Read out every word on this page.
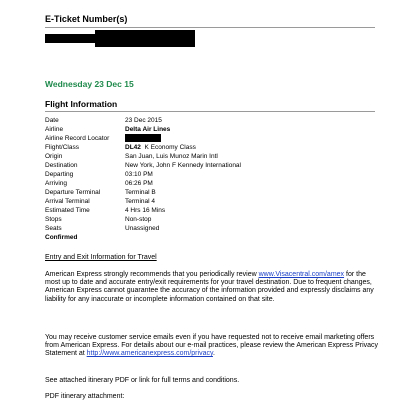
E-Ticket Number(s)
Wednesday 23 Dec 15
Flight Information
Date	23 Dec 2015
Airline	Delta Air Lines
Airline Record Locator
Flight/Class	DL42 K Economy Class
Origin	San Juan, Luis Munoz Marin Intl
Destination	New York, John F Kennedy International
Departing	03:10 PM
Arriving	06:26 PM
Departure Terminal	Terminal B
Arrival Terminal	Terminal 4
Estimated Time	4 Hrs 16 Mins
Stops	Non-stop
Seats	Unassigned
Confirmed
Entry and Exit Information for Travel
American Express strongly recommends that you periodically review www.Visacentral.com/amex for the most up to date and accurate entry/exit requirements for your travel destination. Due to frequent changes, American Express cannot guarantee the accuracy of the information provided and expressly disclaims any liability for any inaccurate or incomplete information contained on that site.
You may receive customer service emails even if you have requested not to receive email marketing offers from American Express. For details about our e-mail practices, please review the American Express Privacy Statement at http://www.americanexpress.com/privacy.
See attached itinerary PDF or link for full terms and conditions.
PDF itinerary attachment:
